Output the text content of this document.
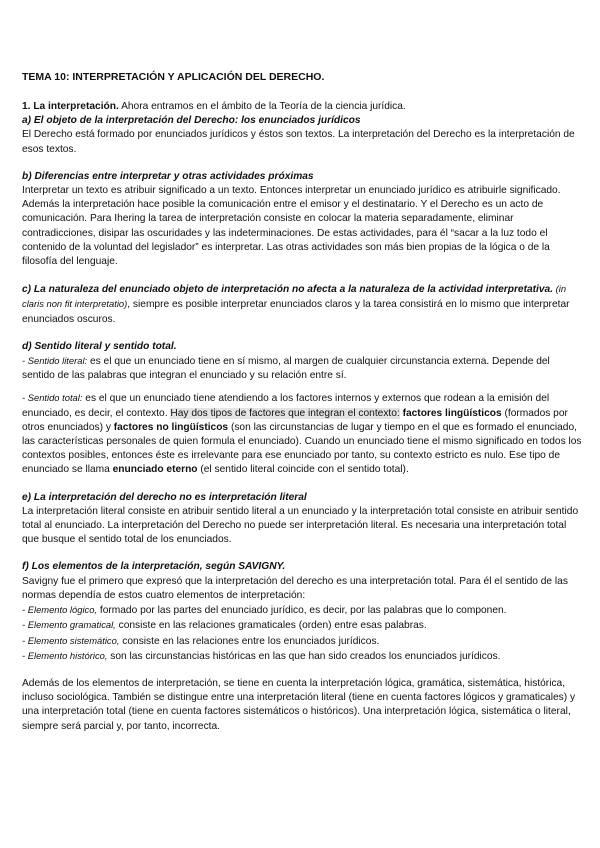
TEMA 10: INTERPRETACIÓN Y APLICACIÓN DEL DERECHO.

1. La interpretación. Ahora entramos en el ámbito de la Teoría de la ciencia jurídica.

a) El objeto de la interpretación del Derecho: los enunciados jurídicos

El Derecho está formado por enunciados jurídicos y éstos son textos. La interpretación del Derecho es la interpretación de esos textos.

b) Diferencias entre interpretar y otras actividades próximas

Interpretar un texto es atribuir significado a un texto. Entonces interpretar un enunciado jurídico es atribuirle significado. Además la interpretación hace posible la comunicación entre el emisor y el destinatario. Y el Derecho es un acto de comunicación. Para Ihering la tarea de interpretación consiste en colocar la materia separadamente, eliminar contradicciones, disipar las oscuridades y las indeterminaciones. De estas actividades, para él “sacar a la luz todo el contenido de la voluntad del legislador” es interpretar. Las otras actividades son más bien propias de la lógica o de la filosofía del lenguaje.

c) La naturaleza del enunciado objeto de interpretación no afecta a la naturaleza de la actividad interpretativa. (in claris non fit interpretatio), siempre es posible interpretar enunciados claros y la tarea consistirá en lo mismo que interpretar enunciados oscuros.

d) Sentido literal y sentido total.

- Sentido literal: es el que un enunciado tiene en sí mismo, al margen de cualquier circunstancia externa. Depende del sentido de las palabras que integran el enunciado y su relación entre sí.

- Sentido total: es el que un enunciado tiene atendiendo a los factores internos y externos que rodean a la emisión del enunciado, es decir, el contexto. Hay dos tipos de factores que integran el contexto: factores lingüísticos (formados por otros enunciados) y factores no lingüísticos (son las circunstancias de lugar y tiempo en el que es formado el enunciado, las características personales de quien formula el enunciado). Cuando un enunciado tiene el mismo significado en todos los contextos posibles, entonces éste es irrelevante para ese enunciado por tanto, su contexto estricto es nulo. Ese tipo de enunciado se llama enunciado eterno (el sentido literal coincide con el sentido total).

e) La interpretación del derecho no es interpretación literal

La interpretación literal consiste en atribuir sentido literal a un enunciado y la interpretación total consiste en atribuir sentido total al enunciado. La interpretación del Derecho no puede ser interpretación literal. Es necesaria una interpretación total que busque el sentido total de los enunciados.

f) Los elementos de la interpretación, según SAVIGNY.

Savigny fue el primero que expresó que la interpretación del derecho es una interpretación total. Para él el sentido de las normas dependía de estos cuatro elementos de interpretación:

- Elemento lógico, formado por las partes del enunciado jurídico, es decir, por las palabras que lo componen.

- Elemento gramatical, consiste en las relaciones gramaticales (orden) entre esas palabras.

- Elemento sistemático, consiste en las relaciones entre los enunciados jurídicos.

- Elemento histórico, son las circunstancias históricas en las que han sido creados los enunciados jurídicos.

Además de los elementos de interpretación, se tiene en cuenta la interpretación lógica, gramática, sistemática, histórica, incluso sociológica. También se distingue entre una interpretación literal (tiene en cuenta factores lógicos y gramaticales) y una interpretación total (tiene en cuenta factores sistemáticos o históricos). Una interpretación lógica, sistemática o literal, siempre será parcial y, por tanto, incorrecta.
